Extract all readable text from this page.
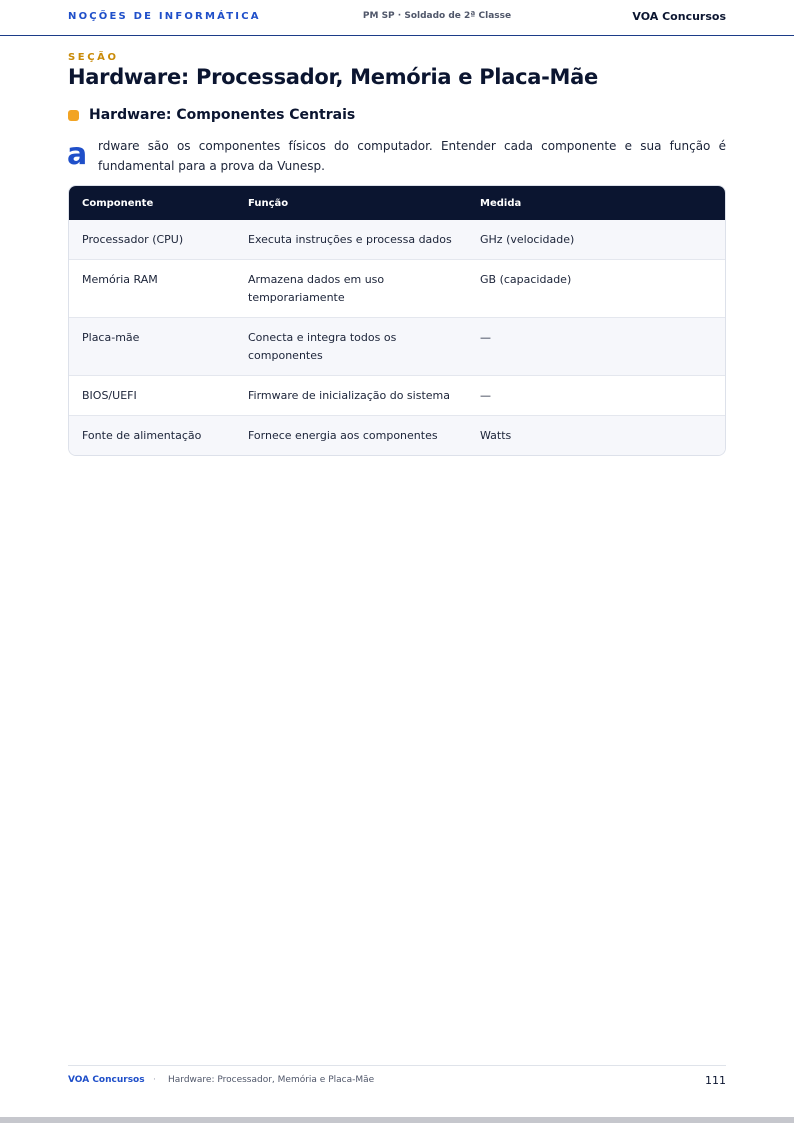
NOÇÕES DE INFORMÁTICA	PM SP · Soldado de 2ª Classe	VOA Concursos
SEÇÃO
Hardware: Processador, Memória e Placa-Mãe
Hardware: Componentes Centrais
a rdware são os componentes físicos do computador. Entender cada componente e sua função é fundamental para a prova da Vunesp.

Componente	Função	Medida
Processador (CPU)	Executa instruções e processa dados	GHz (velocidade)
Memória RAM	Armazena dados em uso temporariamente	GB (capacidade)
Placa-mãe	Conecta e integra todos os componentes	—
BIOS/UEFI	Firmware de inicialização do sistema	—
Fonte de alimentação	Fornece energia aos componentes	Watts
VOA Concursos · Hardware: Processador, Memória e Placa-Mãe	111
